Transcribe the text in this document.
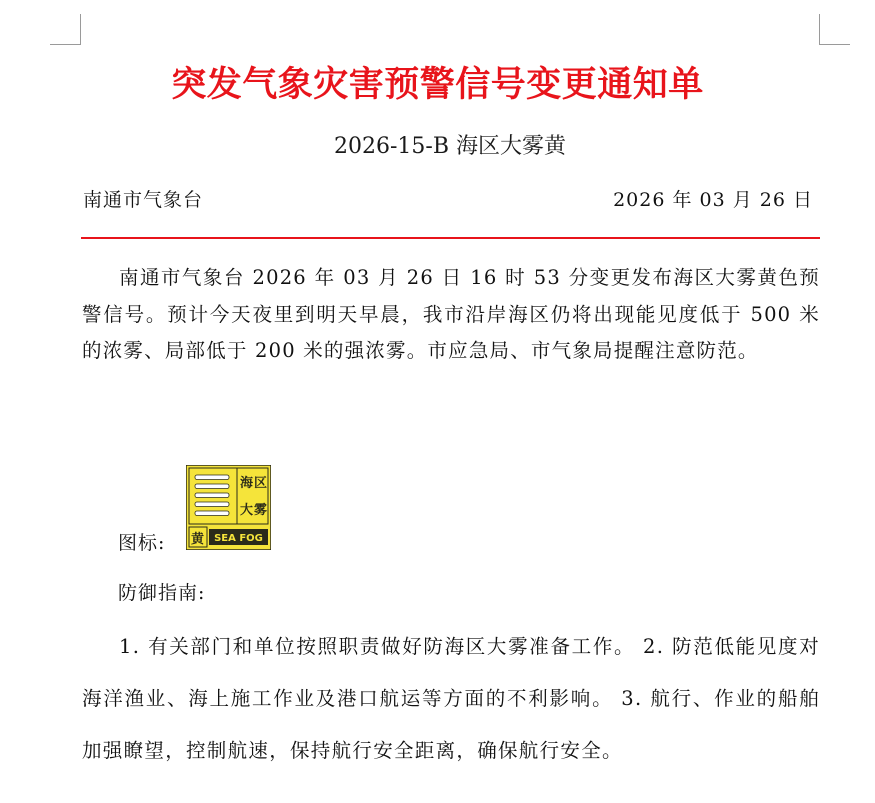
突发气象灾害预警信号变更通知单
2026-15-B 海区大雾黄
南通市气象台	2026 年 03 月 26 日

南通市气象台 2026 年 03 月 26 日 16 时 53 分变更发布海区大雾黄色预警信号。预计今天夜里到明天早晨，我市沿岸海区仍将出现能见度低于 500 米的浓雾、局部低于 200 米的强浓雾。市应急局、市气象局提醒注意防范。

图标:
海 区
大 雾
黄 SEA FOG
防御指南:

1. 有关部门和单位按照职责做好防海区大雾准备工作。 2. 防范低能见度对海洋渔业、海上施工作业及港口航运等方面的不利影响。 3. 航行、作业的船舶加强瞭望，控制航速，保持航行安全距离，确保航行安全。
